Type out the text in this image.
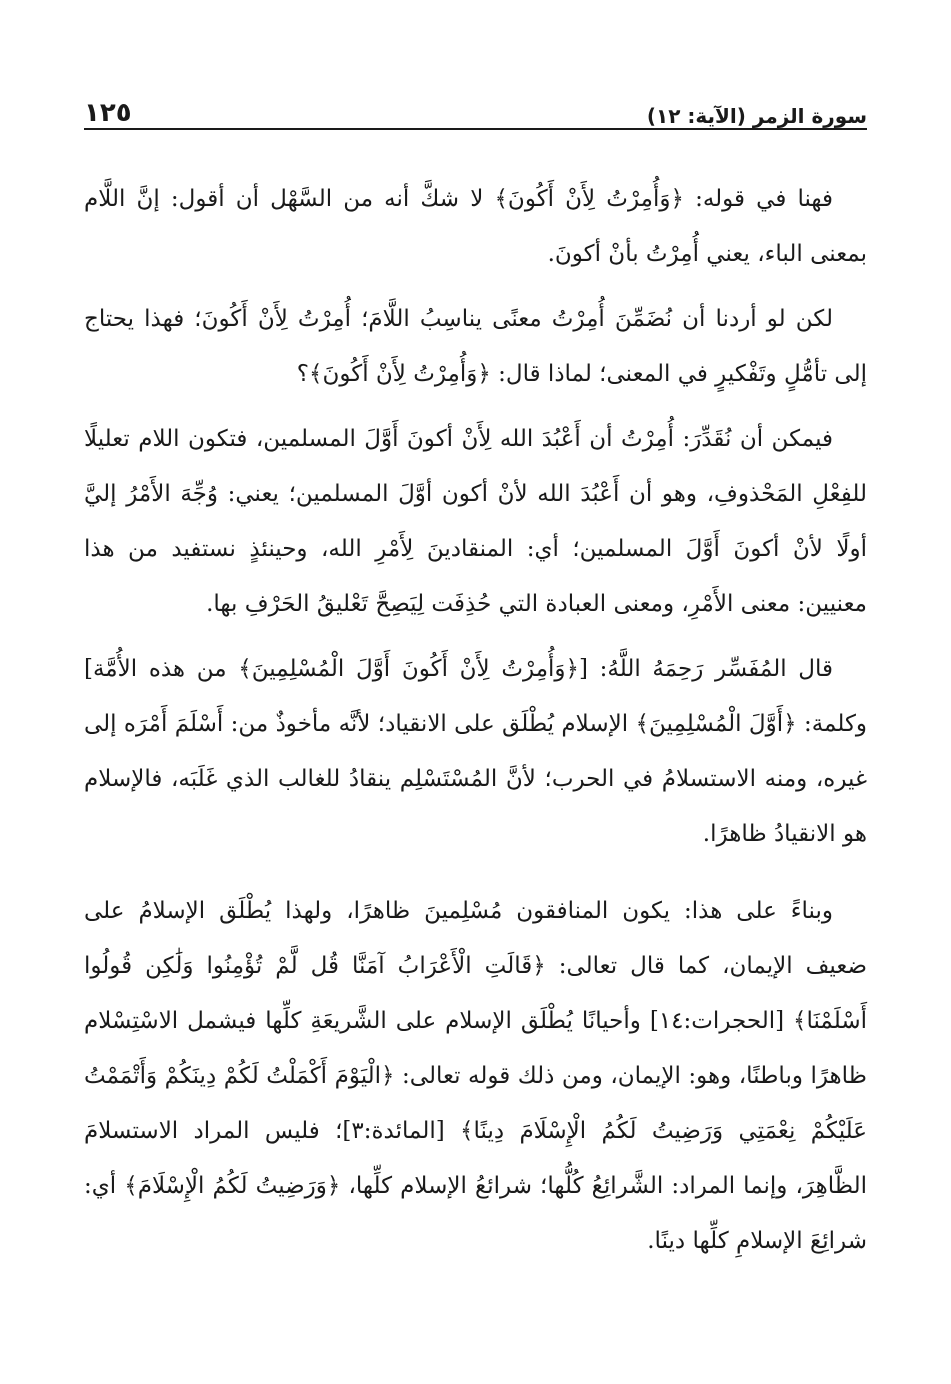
سورة الزمر (الآية: ١٢)
١٢٥

فهنا في قوله: ﴿وَأُمِرْتُ لِأَنْ أَكُونَ﴾ لا شكَّ أنه من السَّهْل أن أقول: إنَّ اللَّام بمعنى الباء، يعني أُمِرْتُ بأنْ أكونَ.

لكن لو أردنا أن نُضَمِّنَ أُمِرْتُ معنًى يناسِبُ اللَّامَ؛ أُمِرْتُ لِأَنْ أَكُونَ؛ فهذا يحتاج إلى تأمُّلٍ وتَفْكيرٍ في المعنى؛ لماذا قال: ﴿وَأُمِرْتُ لِأَنْ أَكُونَ﴾؟

فيمكن أن نُقَدِّرَ: أُمِرْتُ أن أَعْبُدَ الله لِأَنْ أكونَ أَوَّلَ المسلمين، فتكون اللام تعليلًا للفِعْلِ المَحْذوفِ، وهو أن أَعْبُدَ الله لأنْ أكون أوَّلَ المسلمين؛ يعني: وُجِّهَ الأَمْرُ إليَّ أولًا لأنْ أكونَ أَوَّلَ المسلمين؛ أي: المنقادينَ لِأَمْرِ الله، وحينئذٍ نستفيد من هذا معنيين: معنى الأَمْرِ، ومعنى العبادة التي حُذِفَت لِيَصِحَّ تَعْليقُ الحَرْفِ بها.

قال المُفَسِّر رَحِمَهُ اللَّهُ: [﴿وَأُمِرْتُ لِأَنْ أَكُونَ أَوَّلَ الْمُسْلِمِينَ﴾ من هذه الأُمَّة] وكلمة: ﴿أَوَّلَ الْمُسْلِمِينَ﴾ الإسلام يُطْلَق على الانقياد؛ لأنَّه مأخوذٌ من: أَسْلَمَ أَمْرَه إلى غيره، ومنه الاستسلامُ في الحرب؛ لأنَّ المُسْتَسْلِم ينقادُ للغالب الذي غَلَبَه، فالإسلام هو الانقيادُ ظاهرًا.

وبناءً على هذا: يكون المنافقون مُسْلِمينَ ظاهرًا، ولهذا يُطْلَق الإسلامُ على ضعيف الإيمان، كما قال تعالى: ﴿قَالَتِ الْأَعْرَابُ آمَنَّا قُل لَّمْ تُؤْمِنُوا وَلَٰكِن قُولُوا أَسْلَمْنَا﴾ [الحجرات:١٤] وأحيانًا يُطْلَق الإسلام على الشَّريعَةِ كلِّها فيشمل الاسْتِسْلام ظاهرًا وباطنًا، وهو: الإيمان، ومن ذلك قوله تعالى: ﴿الْيَوْمَ أَكْمَلْتُ لَكُمْ دِينَكُمْ وَأَتْمَمْتُ عَلَيْكُمْ نِعْمَتِي وَرَضِيتُ لَكُمُ الْإِسْلَامَ دِينًا﴾ [المائدة:٣]؛ فليس المراد الاستسلامَ الظَّاهِرَ، وإنما المراد: الشَّرائِعُ كُلُّها؛ شرائعُ الإسلام كلِّها، ﴿وَرَضِيتُ لَكُمُ الْإِسْلَامَ﴾ أي: شرائِعَ الإسلامِ كلِّها دينًا.
